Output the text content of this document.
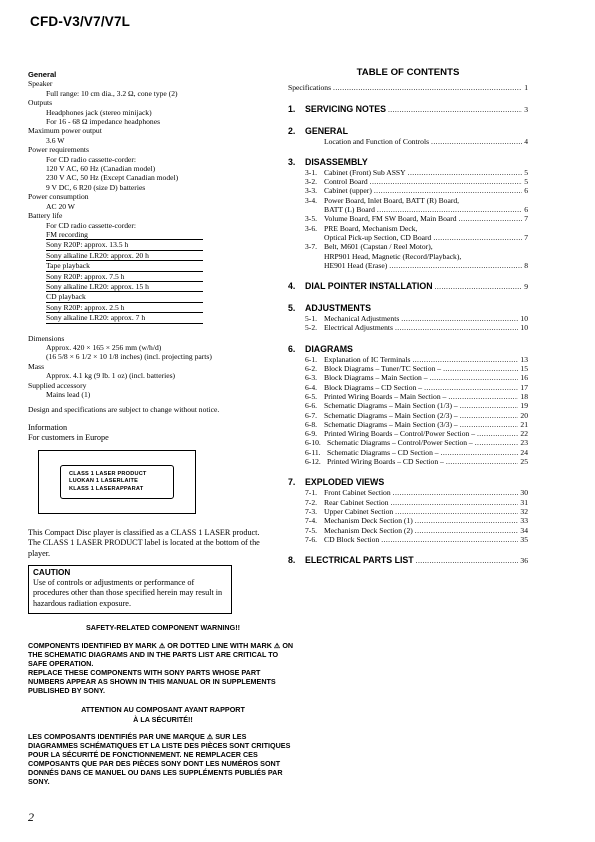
CFD-V3/V7/V7L
General
Speaker
Full range: 10 cm dia., 3.2 Ω, cone type (2)
Outputs
Headphones jack (stereo minijack)
For 16 - 68 Ω impedance headphones
Maximum power output
3.6 W
Power requirements
For CD radio cassette-corder:
120 V AC, 60 Hz (Canadian model)
230 V AC, 50 Hz (Except Canadian model)
9 V DC, 6 R20 (size D) batteries
Power consumption
AC 20 W
Battery life
For CD radio cassette-corder:
FM recording
Sony R20P: approx. 13.5 h
Sony alkaline LR20: approx. 20 h
Tape playback
Sony R20P: approx. 7.5 h
Sony alkaline LR20: approx. 15 h
CD playback
Sony R20P: approx. 2.5 h
Sony alkaline LR20: approx. 7 h
Dimensions
Approx. 420 × 165 × 256 mm (w/h/d)
(16 5/8 × 6 1/2 × 10 1/8 inches) (incl. projecting parts)
Mass
Approx. 4.1 kg (9 lb. 1 oz) (incl. batteries)
Supplied accessory
Mains lead (1)
Design and specifications are subject to change without notice.
Information
For customers in Europe
CLASS 1 LASER PRODUCT
LUOKAN 1 LASERLAITE
KLASS 1 LASERAPPARAT
This Compact Disc player is classified as a CLASS 1 LASER product.
The CLASS 1 LASER PRODUCT label is located at the bottom of the player.
CAUTION
Use of controls or adjustments or performance of procedures other than those specified herein may result in hazardous radiation exposure.
SAFETY-RELATED COMPONENT WARNING!!
COMPONENTS IDENTIFIED BY MARK ⚠ OR DOTTED LINE WITH MARK ⚠ ON THE SCHEMATIC DIAGRAMS AND IN THE PARTS LIST ARE CRITICAL TO SAFE OPERATION.
REPLACE THESE COMPONENTS WITH SONY PARTS WHOSE PART NUMBERS APPEAR AS SHOWN IN THIS MANUAL OR IN SUPPLEMENTS PUBLISHED BY SONY.
ATTENTION AU COMPOSANT AYANT RAPPORT
À LA SÉCURITÉ!!
LES COMPOSANTS IDENTIFIÉS PAR UNE MARQUE ⚠ SUR LES DIAGRAMMES SCHÉMATIQUES ET LA LISTE DES PIÈCES SONT CRITIQUES POUR LA SÉCURITÉ DE FONCTIONNEMENT. NE REMPLACER CES COMPOSANTS QUE PAR DES PIÈCES SONY DONT LES NUMÉROS SONT DONNÉS DANS CE MANUEL OU DANS LES SUPPLÉMENTS PUBLIÉS PAR SONY.
2
TABLE OF CONTENTS
Specifications .....	1
1. SERVICING NOTES .....	3
2. GENERAL
Location and Function of Controls .....	4
3. DISASSEMBLY
3-1. Cabinet (Front) Sub ASSY .....	5
3-2. Control Board .....	5
3-3. Cabinet (upper) .....	6
3-4. Power Board, Inlet Board, BATT (R) Board,
BATT (L) Board .....	6
3-5. Volume Board, FM SW Board, Main Board .....	7
3-6. PRE Board, Mechanism Deck,
Optical Pick-up Section, CD Board .....	7
3-7. Belt, M601 (Capstan / Reel Motor),
HRP901 Head, Magnetic (Record/Playback),
HE901 Head (Erase) .....	8
4. DIAL POINTER INSTALLATION .....	9
5. ADJUSTMENTS
5-1. Mechanical Adjustments .....	10
5-2. Electrical Adjustments .....	10
6. DIAGRAMS
6-1. Explanation of IC Terminals .....	13
6-2. Block Diagrams – Tuner/TC Section – .....	15
6-3. Block Diagrams – Main Section – .....	16
6-4. Block Diagrams – CD Section – .....	17
6-5. Printed Wiring Boards – Main Section – .....	18
6-6. Schematic Diagrams – Main Section (1/3) – .....	19
6-7. Schematic Diagrams – Main Section (2/3) – .....	20
6-8. Schematic Diagrams – Main Section (3/3) – .....	21
6-9. Printed Wiring Boards – Control/Power Section – .....	22
6-10. Schematic Diagrams – Control/Power Section – .....	23
6-11. Schematic Diagrams – CD Section – .....	24
6-12. Printed Wiring Boards – CD Section – .....	25
7. EXPLODED VIEWS
7-1. Front Cabinet Section .....	30
7-2. Rear Cabinet Section .....	31
7-3. Upper Cabinet Section .....	32
7-4. Mechanism Deck Section (1) .....	33
7-5. Mechanism Deck Section (2) .....	34
7-6. CD Block Section .....	35
8. ELECTRICAL PARTS LIST .....	36
